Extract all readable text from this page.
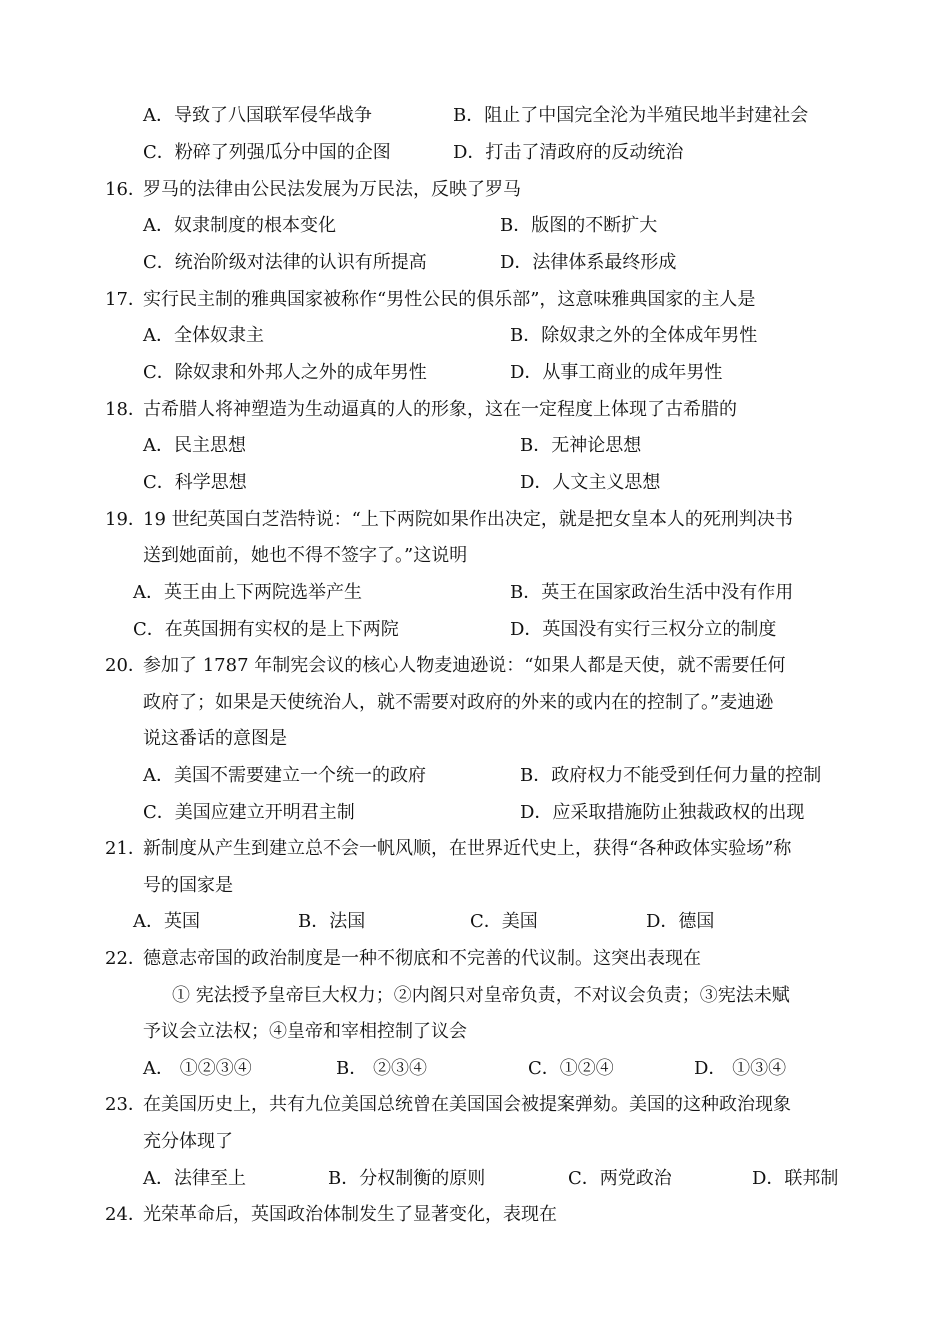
A．导致了八国联军侵华战争	B．阻止了中国完全沦为半殖民地半封建社会
C．粉碎了列强瓜分中国的企图	D．打击了清政府的反动统治
16．
罗马的法律由公民法发展为万民法，反映了罗马
A．奴隶制度的根本变化	B．版图的不断扩大
C．统治阶级对法律的认识有所提高	D．法律体系最终形成
17．
实行民主制的雅典国家被称作“男性公民的俱乐部”，这意味雅典国家的主人是
A．全体奴隶主	B．除奴隶之外的全体成年男性
C．除奴隶和外邦人之外的成年男性	D．从事工商业的成年男性
18．
古希腊人将神塑造为生动逼真的人的形象，这在一定程度上体现了古希腊的
A．民主思想	B．无神论思想
C．科学思想	D．人文主义思想
19．
19 世纪英国白芝浩特说：“上下两院如果作出决定，就是把女皇本人的死刑判决书
送到她面前，她也不得不签字了。”这说明
A．英王由上下两院选举产生	B．英王在国家政治生活中没有作用
C．在英国拥有实权的是上下两院	D．英国没有实行三权分立的制度
20．
参加了 1787 年制宪会议的核心人物麦迪逊说：“如果人都是天使，就不需要任何
政府了；如果是天使统治人，就不需要对政府的外来的或内在的控制了。”麦迪逊
说这番话的意图是
A．美国不需要建立一个统一的政府	B．政府权力不能受到任何力量的控制
C．美国应建立开明君主制	D．应采取措施防止独裁政权的出现
21．
新制度从产生到建立总不会一帆风顺，在世界近代史上，获得“各种政体实验场”称
号的国家是
A．英国	B．法国	C．美国	D．德国
22．
德意志帝国的政治制度是一种不彻底和不完善的代议制。这突出表现在
① 宪法授予皇帝巨大权力；②内阁只对皇帝负责，不对议会负责；③宪法未赋
予议会立法权；④皇帝和宰相控制了议会
A． ①②③④	B． ②③④	C．①②④	D． ①③④
23．
在美国历史上，共有九位美国总统曾在美国国会被提案弹劾。美国的这种政治现象
充分体现了
A．法律至上	B．分权制衡的原则	C．两党政治	D．联邦制
24．
光荣革命后，英国政治体制发生了显著变化，表现在
